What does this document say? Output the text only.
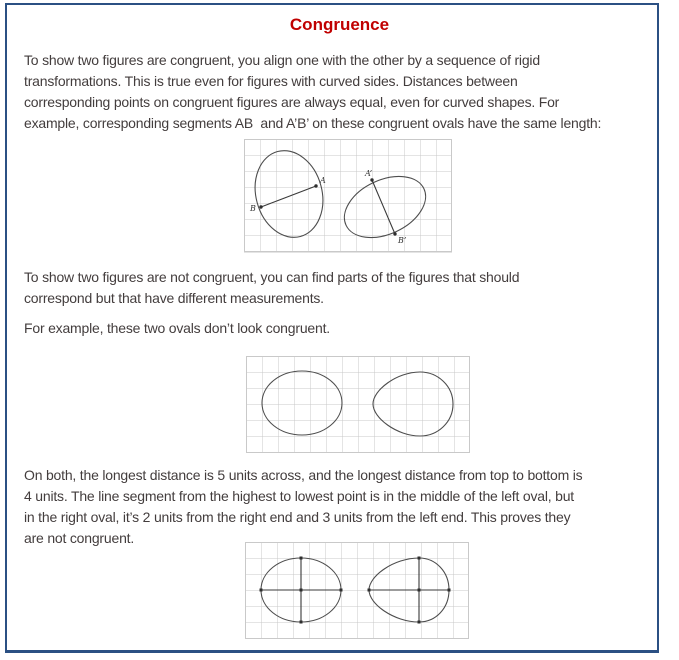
Congruence
To show two figures are congruent, you align one with the other by a sequence of rigid
transformations. This is true even for figures with curved sides. Distances between
corresponding points on congruent figures are always equal, even for curved shapes. For
example, corresponding segments AB  and A’B’ on these congruent ovals have the same length:
A
B
A’
B’
To show two figures are not congruent, you can find parts of the figures that should
correspond but that have different measurements.
For example, these two ovals don’t look congruent.
On both, the longest distance is 5 units across, and the longest distance from top to bottom is
4 units. The line segment from the highest to lowest point is in the middle of the left oval, but
in the right oval, it’s 2 units from the right end and 3 units from the left end. This proves they
are not congruent.
